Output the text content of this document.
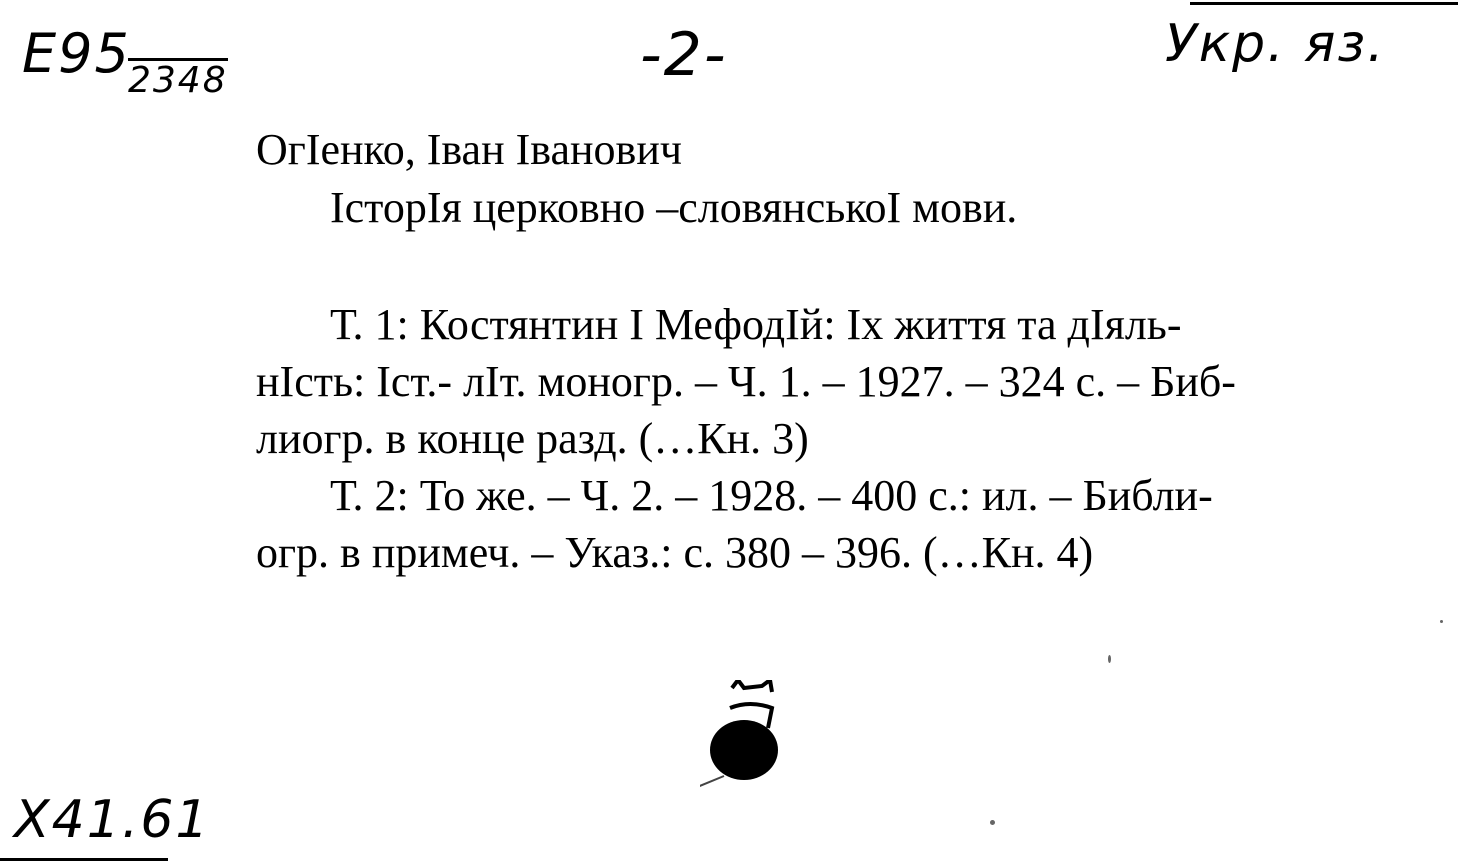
E95
2348	-2-	Укр. яз.
Х41.61
ОгІенко, Іван Іванович
ІсторІя церковно –словянськоІ мови.
Т. 1: Костянтин І МефодІй: Іх життя та дІяль-
нІсть: Іст.- лІт. моногр. – Ч. 1. – 1927. – 324 с. – Биб-
лиогр. в конце разд. (…Кн. 3)
Т. 2: То же. – Ч. 2. – 1928. – 400 с.: ил. – Библи-
огр. в примеч. – Указ.: с. 380 – 396. (…Кн. 4)
